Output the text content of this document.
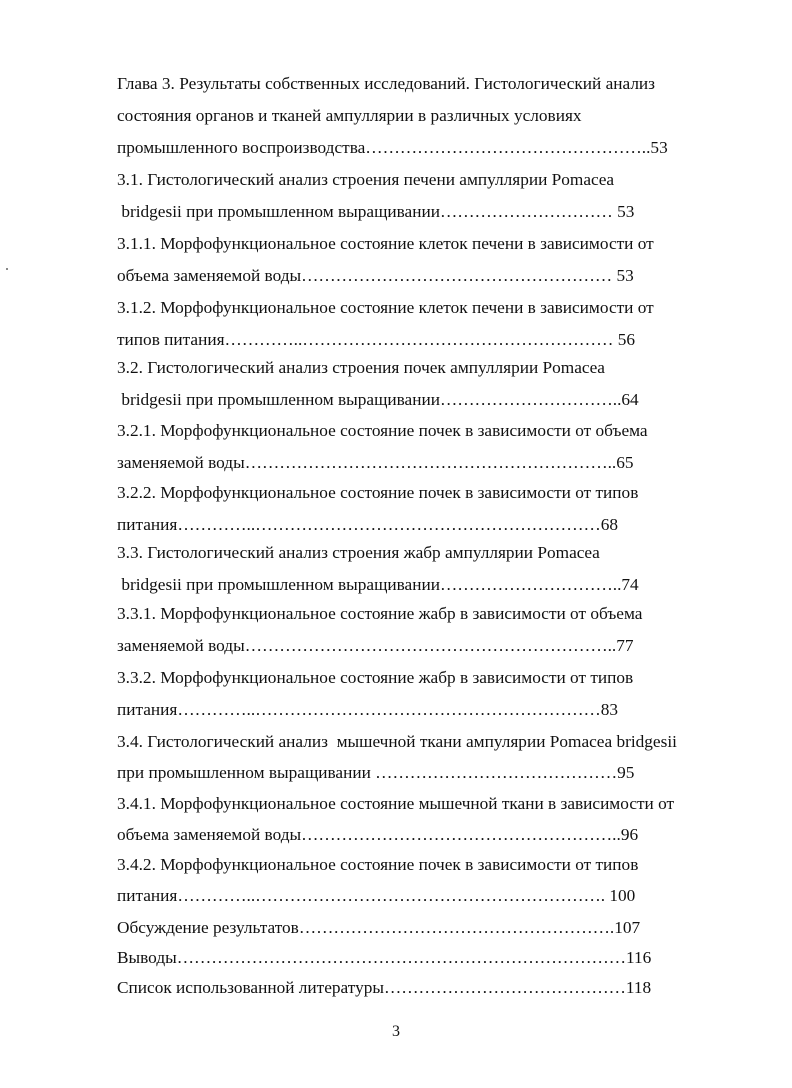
Глава 3. Результаты собственных исследований. Гистологический анализ
состояния органов и тканей ампуллярии в различных условиях
промышленного воспроизводства…………………………………………..53
3.1. Гистологический анализ строения печени ампуллярии Pomacea
bridgesii при промышленном выращивании………………………… 53
3.1.1. Морфофункциональное состояние клеток печени в зависимости от
объема заменяемой воды……………………………………………… 53
3.1.2. Морфофункциональное состояние клеток печени в зависимости от
типов питания…………..……………………………………………… 56
3.2. Гистологический анализ строения почек ампуллярии Pomacea
bridgesii при промышленном выращивании…………………………..64
3.2.1. Морфофункциональное состояние почек в зависимости от объема
заменяемой воды………………………………………………………..65
3.2.2. Морфофункциональное состояние почек в зависимости от типов
питания…………..……………………………………………………68
3.3. Гистологический анализ строения жабр ампуллярии Pomacea
bridgesii при промышленном выращивании…………………………..74
3.3.1. Морфофункциональное состояние жабр в зависимости от объема
заменяемой воды………………………………………………………..77
3.3.2. Морфофункциональное состояние жабр в зависимости от типов
питания…………..……………………………………………………83
3.4. Гистологический анализ  мышечной ткани ампулярии Pomacea bridgesii
при промышленном выращивании ……………………………………95
3.4.1. Морфофункциональное состояние мышечной ткани в зависимости от
объема заменяемой воды………………………………………………..96
3.4.2. Морфофункциональное состояние почек в зависимости от типов
питания…………..……………………………………………………. 100
Обсуждение результатов……………………………………………….107
Выводы……………………………………………………………………116
Список использованной литературы……………………………………118
3
